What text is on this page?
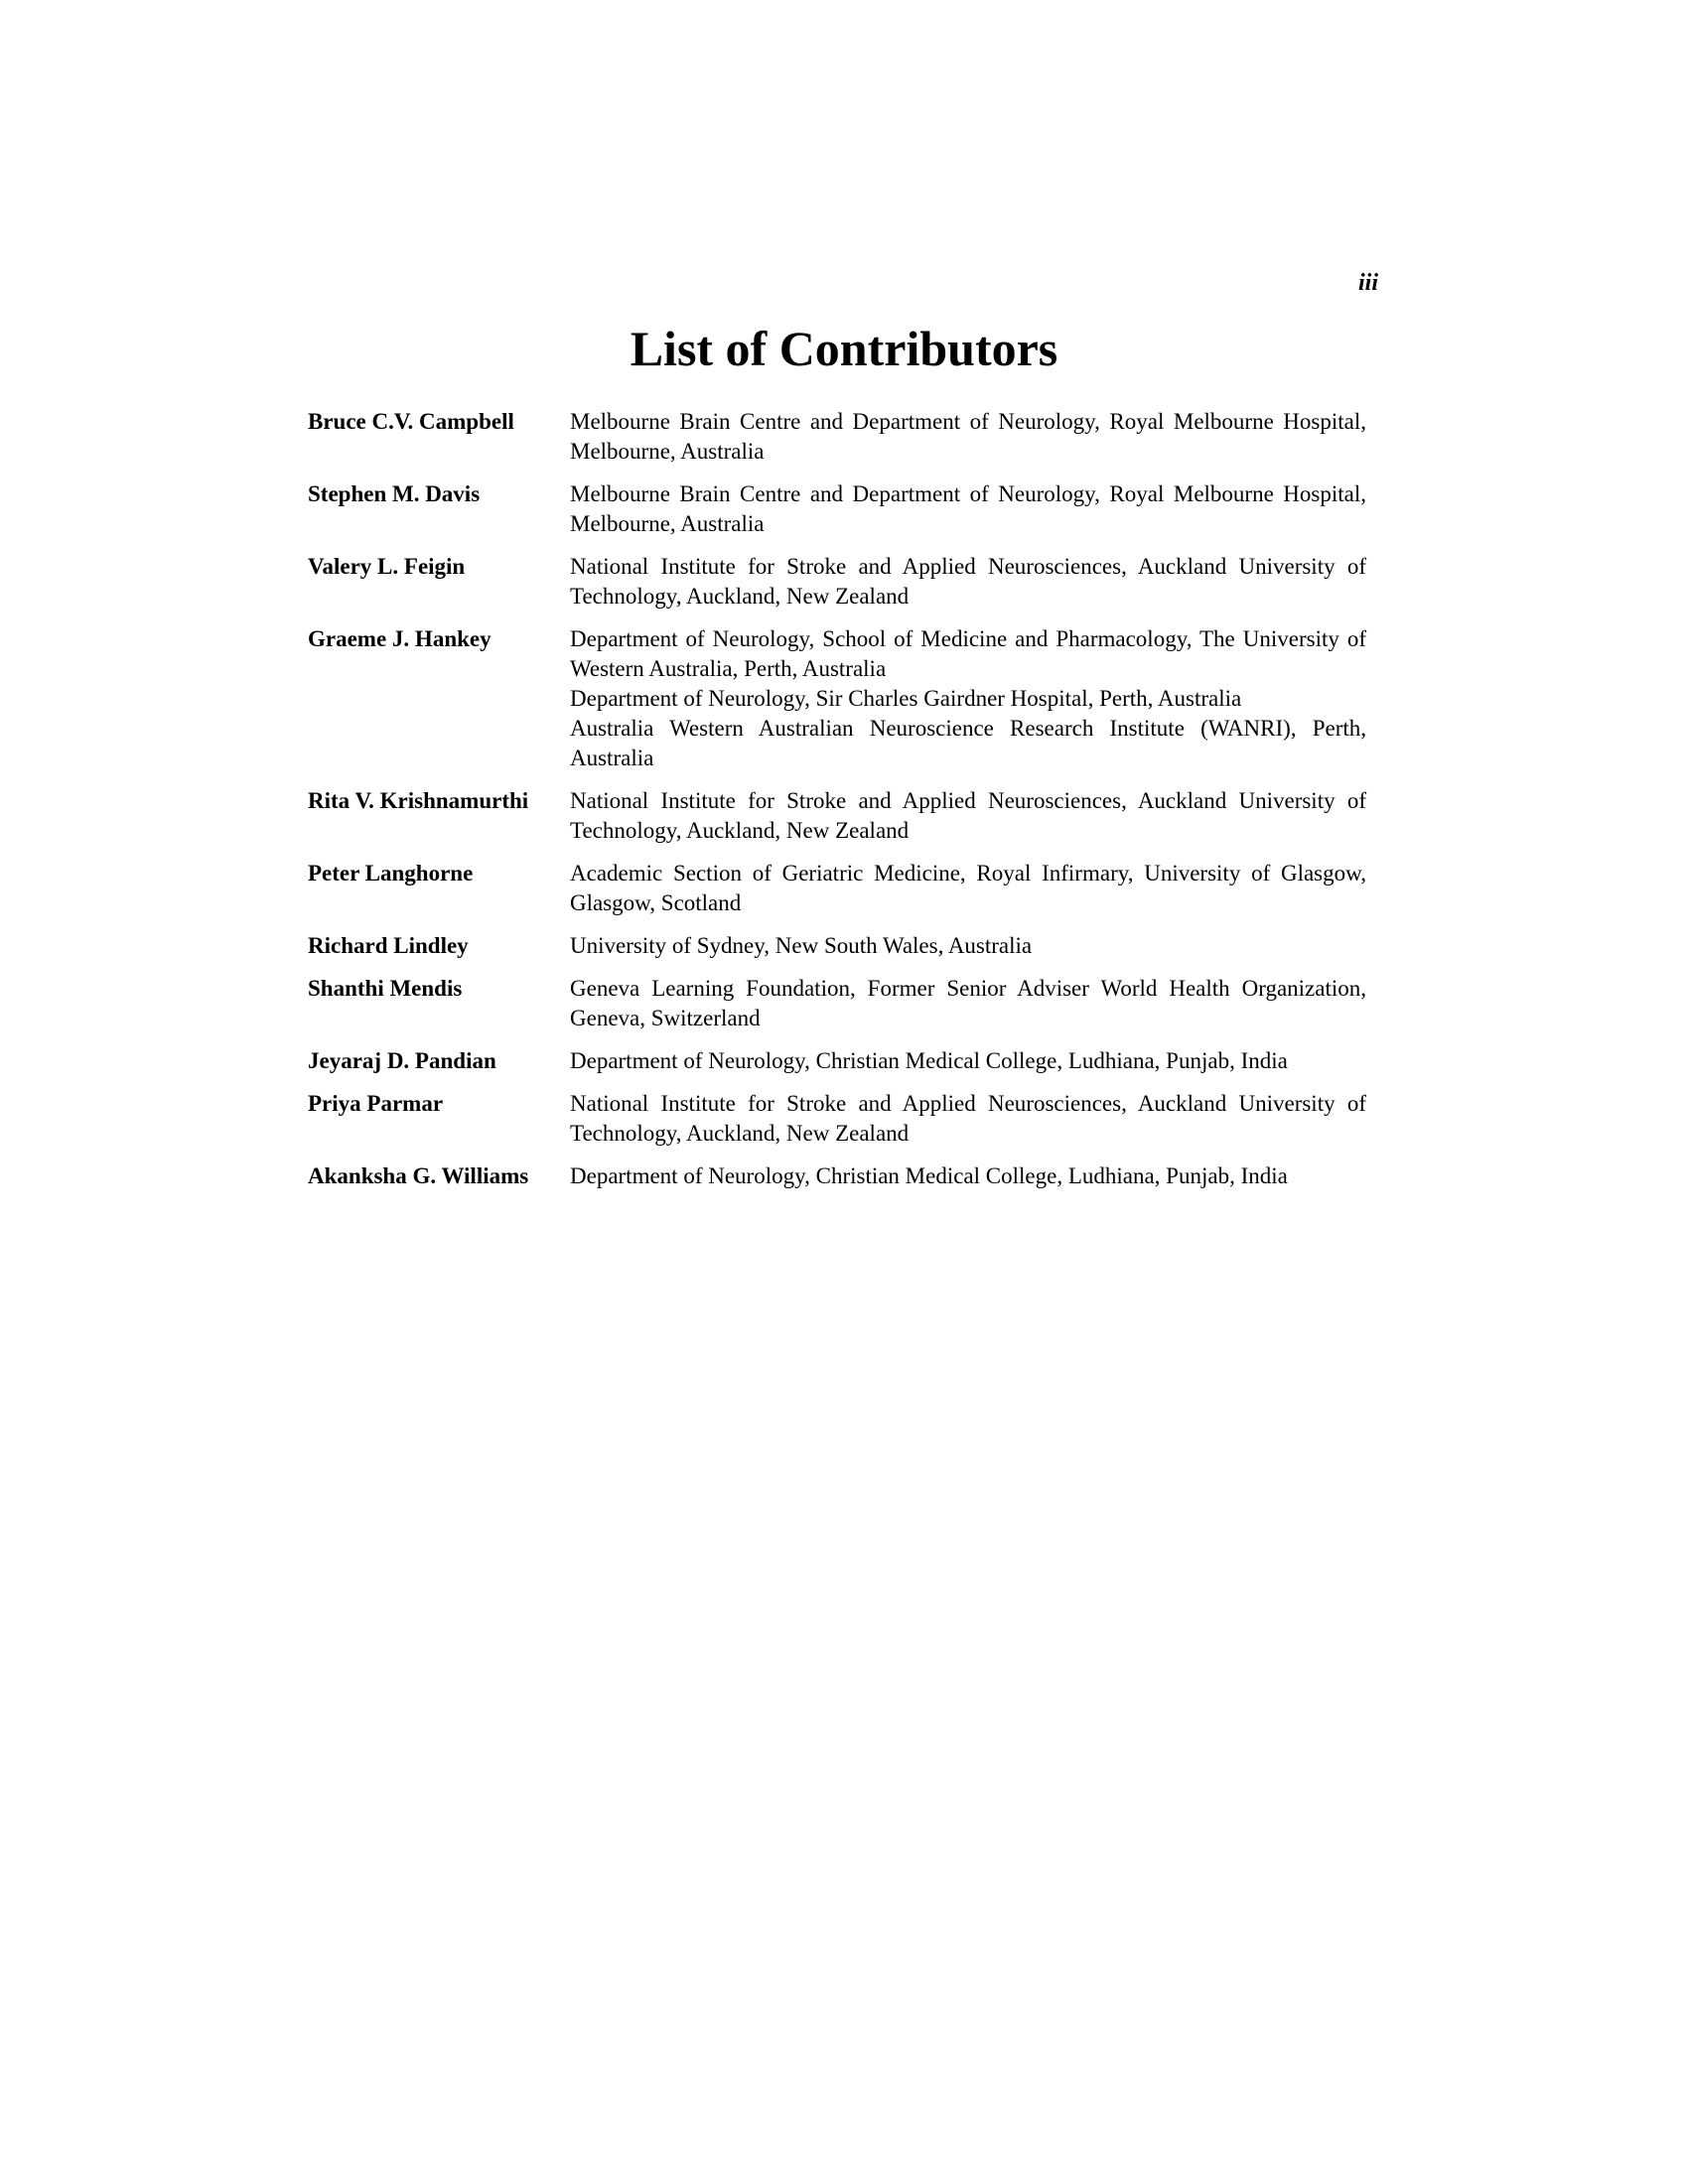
iii
List of Contributors
Bruce C.V. Campbell	Melbourne Brain Centre and Department of Neurology, Royal Melbourne Hospital, Melbourne, Australia
Stephen M. Davis	Melbourne Brain Centre and Department of Neurology, Royal Melbourne Hospital, Melbourne, Australia
Valery L. Feigin	National Institute for Stroke and Applied Neurosciences, Auckland University of Technology, Auckland, New Zealand
Graeme J. Hankey	Department of Neurology, School of Medicine and Pharmacology, The University of Western Australia, Perth, Australia
Department of Neurology, Sir Charles Gairdner Hospital, Perth, Australia
Australia Western Australian Neuroscience Research Institute (WANRI), Perth, Australia
Rita V. Krishnamurthi	National Institute for Stroke and Applied Neurosciences, Auckland University of Technology, Auckland, New Zealand
Peter Langhorne	Academic Section of Geriatric Medicine, Royal Infirmary, University of Glasgow, Glasgow, Scotland
Richard Lindley	University of Sydney, New South Wales, Australia
Shanthi Mendis	Geneva Learning Foundation, Former Senior Adviser World Health Organization, Geneva, Switzerland
Jeyaraj D. Pandian	Department of Neurology, Christian Medical College, Ludhiana, Punjab, India
Priya Parmar	National Institute for Stroke and Applied Neurosciences, Auckland University of Technology, Auckland, New Zealand
Akanksha G. Williams	Department of Neurology, Christian Medical College, Ludhiana, Punjab, India
